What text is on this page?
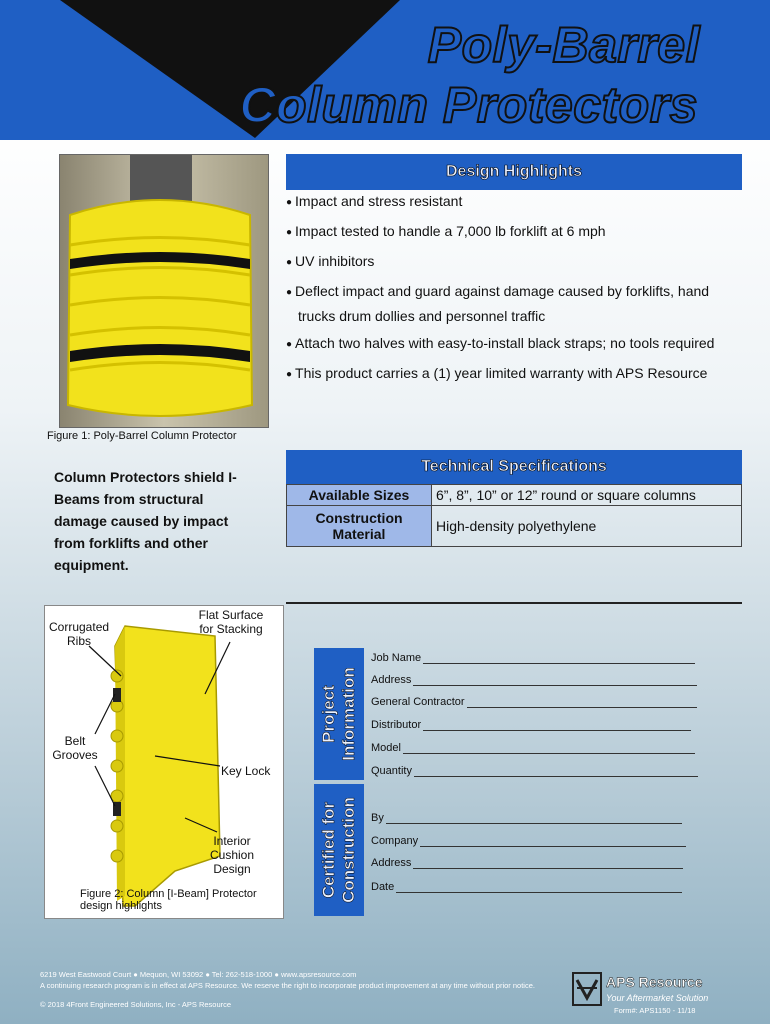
Poly-Barrel
Column Protectors
Figure 1: Poly-Barrel Column Protector
Design Highlights
● Impact and stress resistant
● Impact tested to handle a 7,000 lb forklift at 6 mph
● UV inhibitors
● Deflect impact and guard against damage caused by forklifts, hand trucks drum dollies and personnel traffic
● Attach two halves with easy-to-install black straps; no tools required
● This product carries a (1) year limited warranty with APS Resource
Column Protectors shield I-Beams from structural damage caused by impact from forklifts and other equipment.
Technical Specifications
Available Sizes	6”, 8”, 10” or 12” round or square columns
Construction Material	High-density polyethylene
Corrugated Ribs
Flat Surface for Stacking
Belt Grooves
Key Lock
Interior Cushion Design
Figure 2: Column [I-Beam] Protector design highlights
Project Information
Job Name
Address
General Contractor
Distributor
Model
Quantity
Certified for Construction By
Company
Address
Date
6219 West Eastwood Court ● Mequon, WI 53092 ● Tel: 262-518-1000 ● www.apsresource.com
A continuing research program is in effect at APS Resource. We reserve the right to incorporate product improvement at any time without prior notice.
© 2018 4Front Engineered Solutions, Inc - APS Resource
APS Resource
Your Aftermarket Solution
Form#: APS1150 - 11/18
